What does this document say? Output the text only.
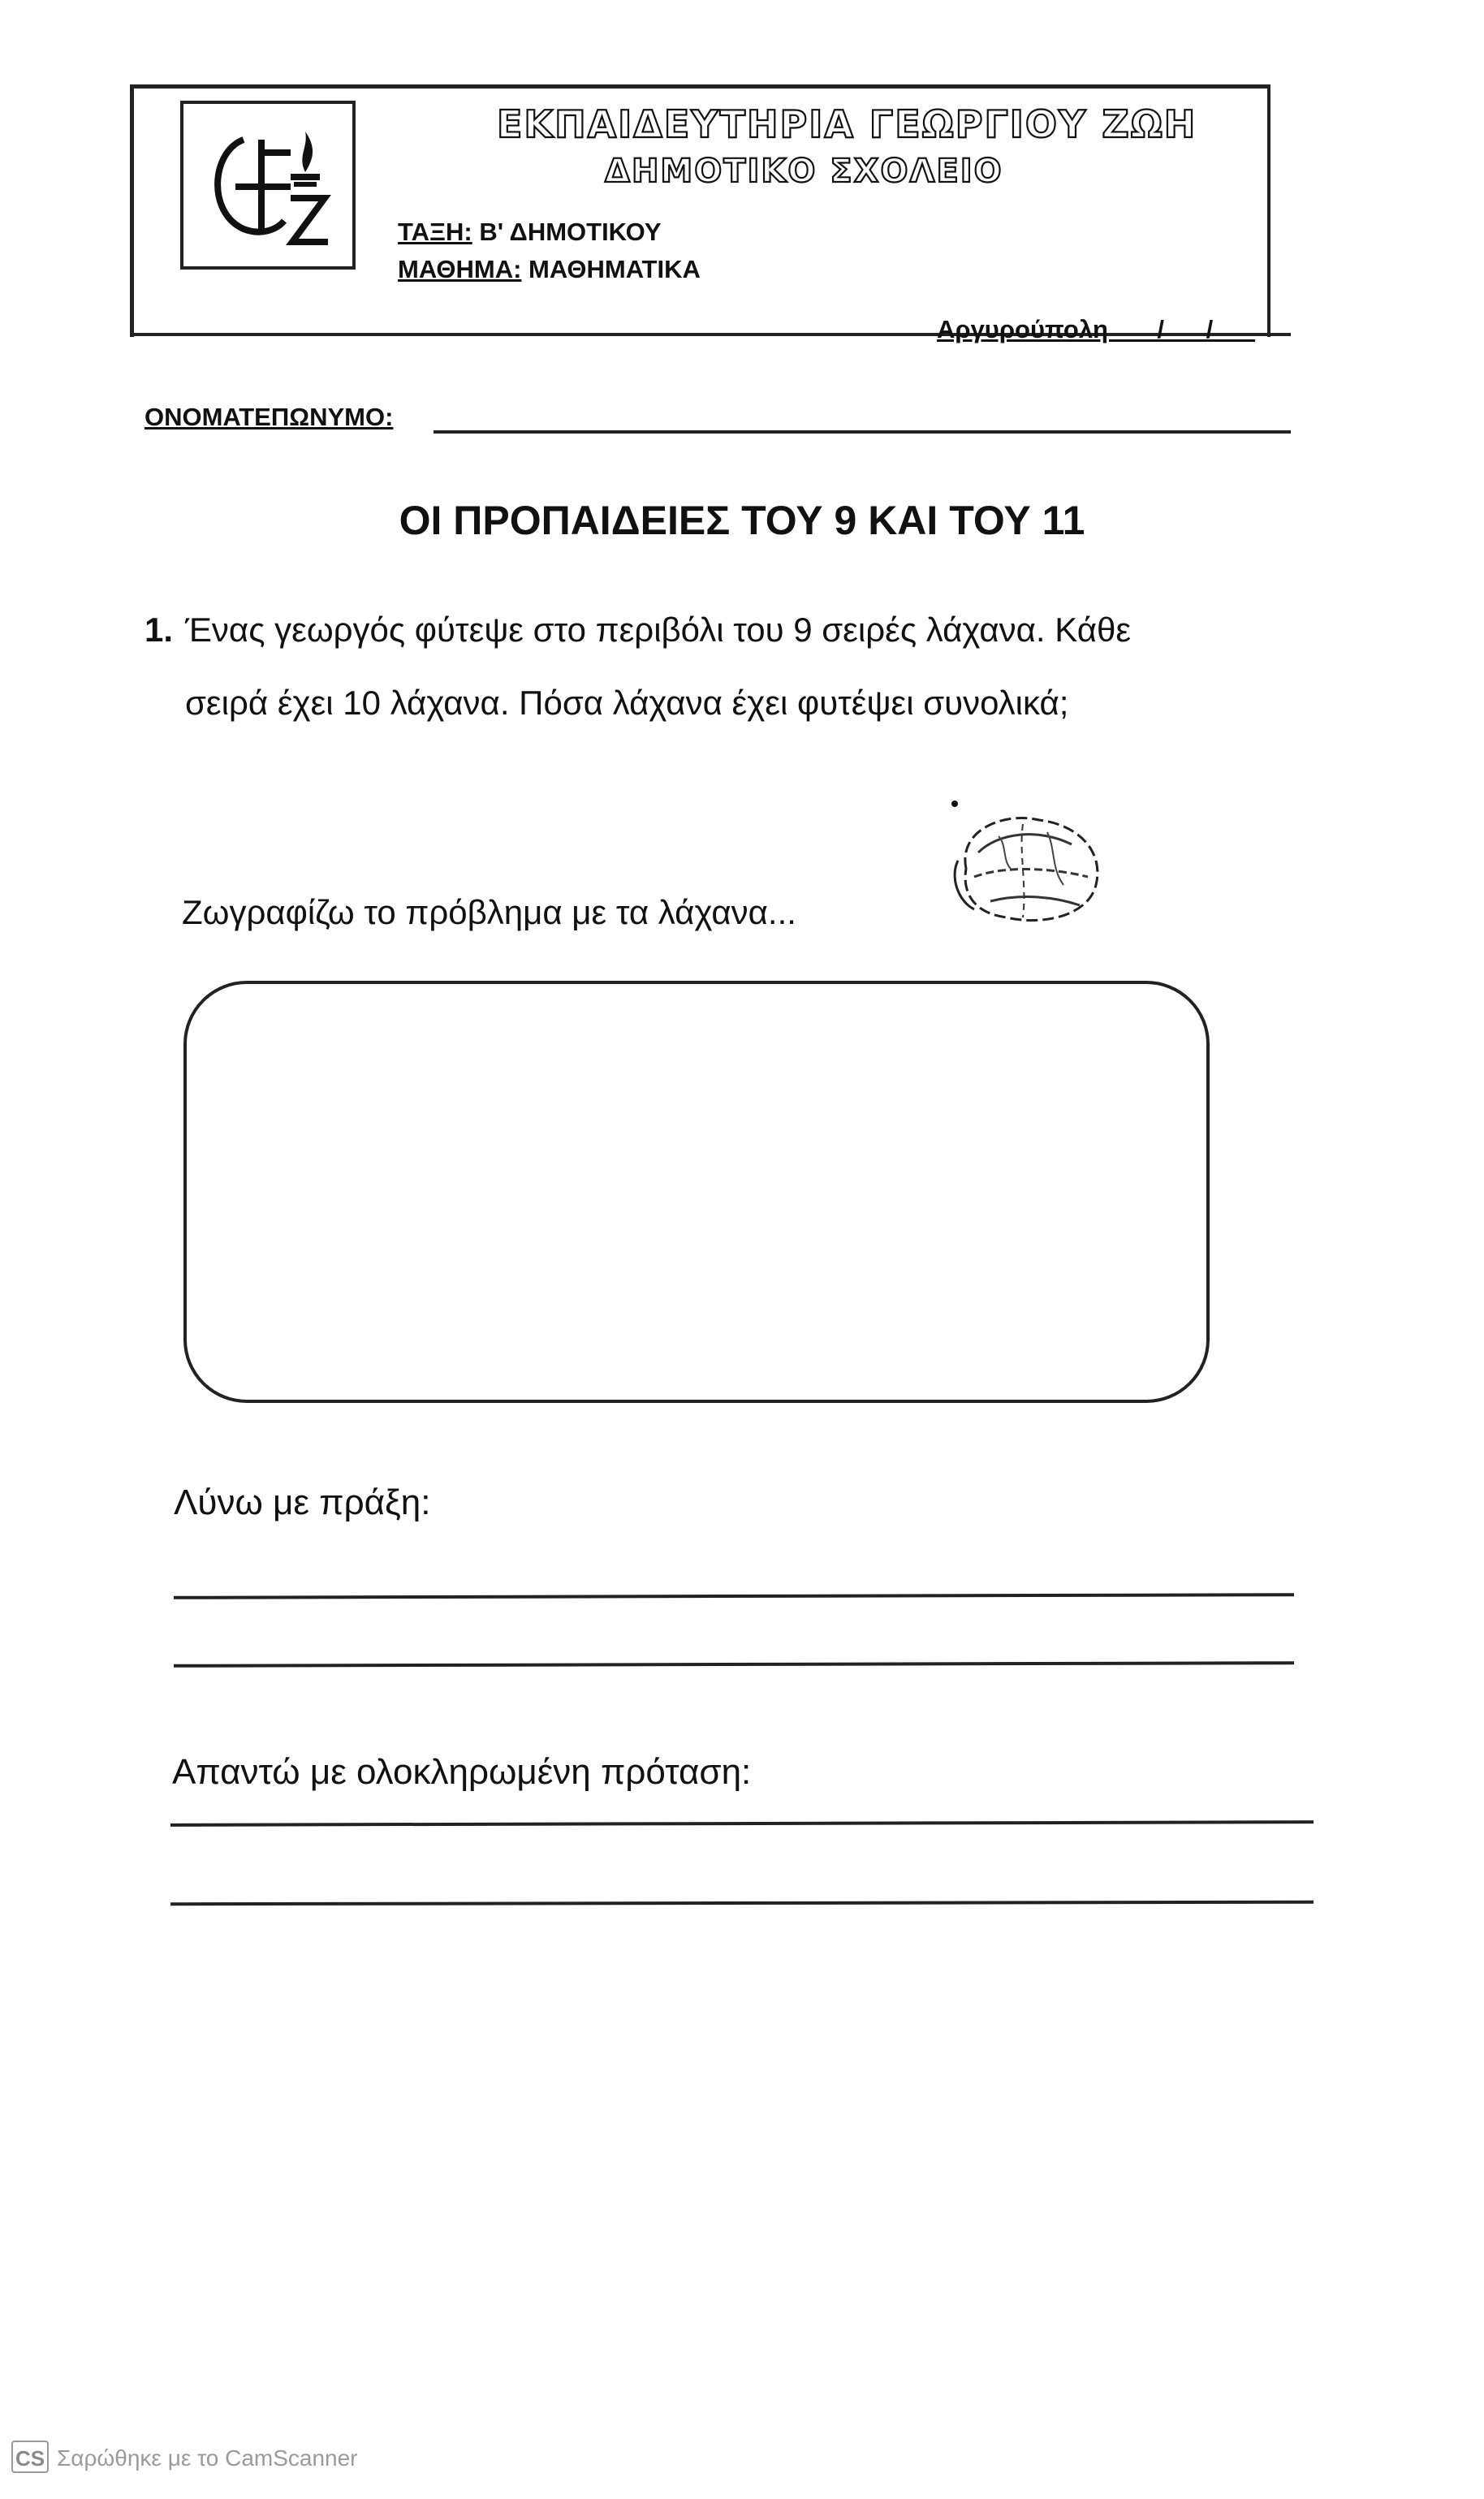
ΕΚΠΑΙΔΕΥΤΗΡΙΑ ΓΕΩΡΓΙΟΥ ΖΩΗ
ΔΗΜΟΤΙΚΟ ΣΧΟΛΕΙΟ
ΤΑΞΗ: Β' ΔΗΜΟΤΙΚΟΥ
ΜΑΘΗΜΑ: ΜΑΘΗΜΑΤΙΚΑ
Αργυρούπολη ___/___/___
ΟΝΟΜΑΤΕΠΩΝΥΜΟ:
ΟΙ ΠΡΟΠΑΙΔΕΙΕΣ ΤΟΥ 9 ΚΑΙ ΤΟΥ 11
1. Ένας γεωργός φύτεψε στο περιβόλι του 9 σειρές λάχανα. Κάθε
σειρά έχει 10 λάχανα. Πόσα λάχανα έχει φυτέψει συνολικά;
Ζωγραφίζω το πρόβλημα με τα λάχανα...
Λύνω με πράξη:
Απαντώ με ολοκληρωμένη πρόταση:
CS Σαρώθηκε με το CamScanner
